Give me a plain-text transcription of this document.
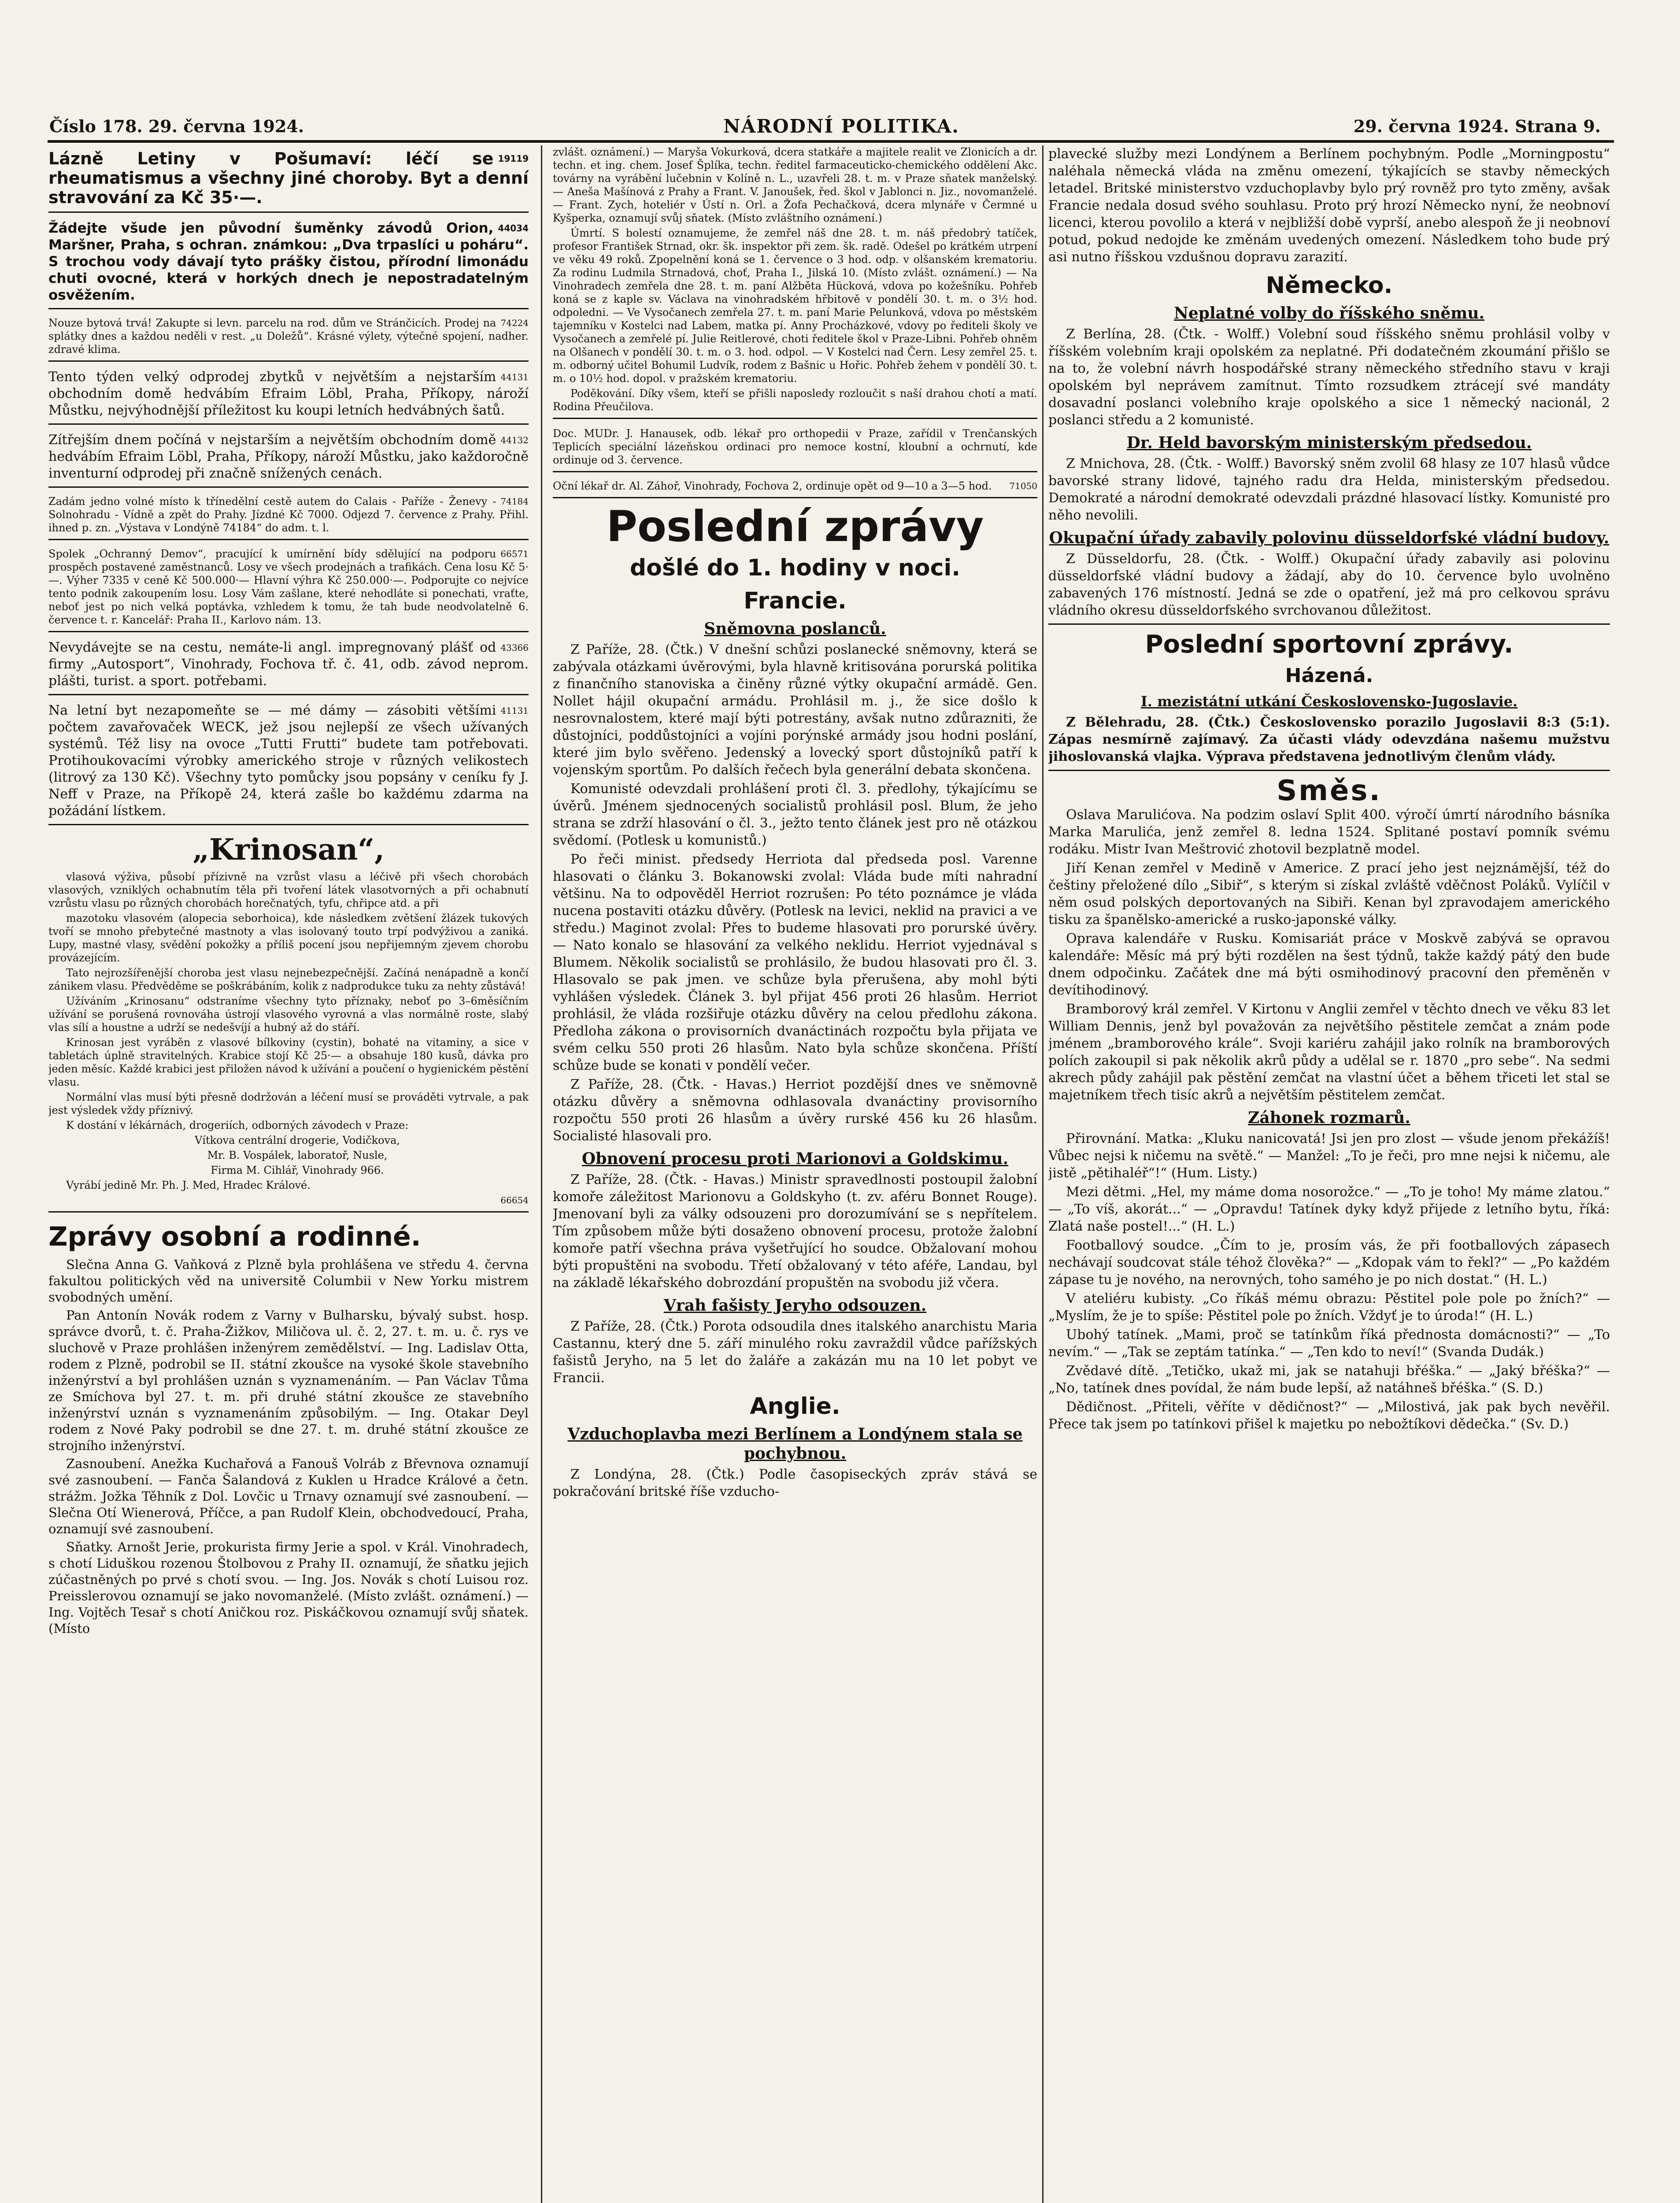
Číslo 178. 29. června 1924.	NÁRODNÍ POLITIKA.	29. června 1924. Strana 9.
19119
Lázně Letiny v Pošumaví: léčí se rheumatismus a všechny jiné choroby. Byt a denní stravování za Kč 35·—.
44034
Žádejte všude jen původní šuměnky závodů Orion, Maršner, Praha, s ochran. známkou: „Dva trpaslíci u poháru“. S trochou vody dávají tyto prášky čistou, přírodní limonádu chuti ovocné, která v horkých dnech je nepostradatelným osvěžením.
74224
Nouze bytová trvá! Zakupte si levn. parcelu na rod. dům ve Stránčicích. Prodej na splátky dnes a každou neděli v rest. „u Doležů“. Krásné výlety, výtečné spojení, nadher. zdravé klima.
44131
Tento týden velký odprodej zbytků v největším a nejstarším obchodním domě hedvábím Efraim Löbl, Praha, Příkopy, nároží Můstku, nejvýhodnější příležitost ku koupi letních hedvábných šatů.
44132
Zítřejším dnem počíná v nejstarším a největším obchodním domě hedvábím Efraim Löbl, Praha, Příkopy, nároží Můstku, jako každoročně inventurní odprodej při značně snížených cenách.
74184
Zadám jedno volné místo k třínedělní cestě autem do Calais - Paříže - Ženevy - Solnohradu - Vídně a zpět do Prahy. Jízdné Kč 7000. Odjezd 7. července z Prahy. Přihl. ihned p. zn. „Výstava v Londýně 74184“ do adm. t. l.
66571
Spolek „Ochranný Demov“, pracující k umírnění bídy sdělující na podporu prospěch postavené zaměstnanců. Losy ve všech prodejnách a trafikách. Cena losu Kč 5·—. Výher 7335 v ceně Kč 500.000·— Hlavní výhra Kč 250.000·—. Podporujte co nejvíce tento podnik zakoupením losu. Losy Vám zašlane, které nehodláte si ponechati, vraťte, neboť jest po nich velká poptávka, vzhledem k tomu, že tah bude neodvolatelně 6. července t. r. Kancelář: Praha II., Karlovo nám. 13.
43366
Nevydávejte se na cestu, nemáte-li angl. impregnovaný plášť od firmy „Autosport“, Vinohrady, Fochova tř. č. 41, odb. závod neprom. plášti, turist. a sport. potřebami.
41131
Na letní byt nezapomeňte se — mé dámy — zásobiti většími počtem zavařovaček WECK, jež jsou nejlepší ze všech užívaných systémů. Též lisy na ovoce „Tutti Frutti“ budete tam potřebovati. Protihoukovacími výrobky amerického stroje v různých velikostech (litrový za 130 Kč). Všechny tyto pomůcky jsou popsány v ceníku fy J. Neff v Praze, na Příkopě 24, která zašle bo každému zdarma na požádání lístkem.
„Krinosan“,

vlasová výživa, působí přízivně na vzrůst vlasu a léčivě při všech chorobách vlasových, vzniklých ochabnutím těla při tvoření látek vlasotvorných a při ochabnutí vzrůstu vlasu po různých chorobách horečnatých, tyfu, chřipce atd. a při

mazotoku vlasovém (alopecia seborhoica), kde následkem zvětšení žlázek tukových tvoří se mnoho přebytečné mastnoty a vlas isolovaný touto trpí podvýživou a zaniká. Lupy, mastné vlasy, svědění pokožky a příliš pocení jsou nepřijemným zjevem chorobu provázejícím.

Tato nejrozšířenější choroba jest vlasu nejnebezpečnější. Začíná nenápadně a končí zánikem vlasu. Předvěděme se poškrábáním, kolik z nadprodukce tuku za nehty zůstává!

Užíváním „Krinosanu“ odstraníme všechny tyto příznaky, neboť po 3–6měsíčním užívání se porušená rovnováha ústrojí vlasového vyrovná a vlas normálně roste, slabý vlas sílí a houstne a udrží se nedešvíjí a hubný až do stáří.

Krinosan jest vyráběn z vlasové bílkoviny (cystin), bohaté na vitaminy, a sice v tabletách úplně stravitelných. Krabice stojí Kč 25·— a obsahuje 180 kusů, dávka pro jeden měsíc. Každé krabici jest přiložen návod k užívání a poučení o hygienickém pěstění vlasu.

Normální vlas musí býti přesně dodržován a léčení musí se prováděti vytrvale, a pak jest výsledek vždy příznivý.

K dostání v lékárnách, drogeriích, odborných závodech v Praze:

Vítkova centrální drogerie, Vodičkova,

Mr. B. Vospálek, laboratoř, Nusle,

Firma M. Cihlář, Vinohrady 966.

Vyrábí jedině Mr. Ph. J. Med, Hradec Králové.

66654
Zprávy osobní a rodinné.

Slečna Anna G. Vaňková z Plzně byla prohlášena ve středu 4. června fakultou politických věd na universitě Columbii v New Yorku mistrem svobodných umění.

Pan Antonín Novák rodem z Varny v Bulharsku, bývalý subst. hosp. správce dvorů, t. č. Praha-Žižkov, Miličova ul. č. 2, 27. t. m. u. č. rys ve sluchově v Praze prohlášen inženýrem zemědělství. — Ing. Ladislav Otta, rodem z Plzně, podrobil se II. státní zkoušce na vysoké škole stavebního inženýrství a byl prohlášen uznán s vyznamenáním. — Pan Václav Tůma ze Smíchova byl 27. t. m. při druhé státní zkoušce ze stavebního inženýrství uznán s vyznamenáním způsobilým. — Ing. Otakar Deyl rodem z Nové Paky podrobil se dne 27. t. m. druhé státní zkoušce ze strojního inženýrství.

Zasnoubení. Anežka Kuchařová a Fanouš Volráb z Břevnova oznamují své zasnoubení. — Fanča Šalandová z Kuklen u Hradce Králové a četn. strážm. Jožka Těhník z Dol. Lovčic u Trnavy oznamují své zasnoubení. — Slečna Otí Wienerová, Příčce, a pan Rudolf Klein, obchodvedoucí, Praha, oznamují své zasnoubení.

Sňatky. Arnošt Jerie, prokurista firmy Jerie a spol. v Král. Vinohradech, s chotí Liduškou rozenou Štolbovou z Prahy II. oznamují, že sňatku jejich zúčastněných po prvé s chotí svou. — Ing. Jos. Novák s chotí Luisou roz. Preisslerovou oznamují se jako novomanželé. (Místo zvlášt. oznámení.) — Ing. Vojtěch Tesař s chotí Aničkou roz. Piskáčkovou oznamují svůj sňatek. (Místo

zvlášt. oznámení.) — Maryša Vokurková, dcera statkáře a majitele realit ve Zlonicích a dr. techn. et ing. chem. Josef Šplíka, techn. ředitel farmaceuticko-chemického oddělení Akc. továrny na vyrábění lučebnin v Kolíně n. L., uzavřeli 28. t. m. v Praze sňatek manželský. — Aneša Mašínová z Prahy a Frant. V. Janoušek, řed. škol v Jablonci n. Jiz., novomanželé. — Frant. Zych, hoteliér v Ústí n. Orl. a Žofa Pechačková, dcera mlynáře v Čermné u Kyšperka, oznamují svůj sňatek. (Místo zvláštního oznámení.)

Úmrtí. S bolestí oznamujeme, že zemřel náš dne 28. t. m. náš předobrý tatíček, profesor František Strnad, okr. šk. inspektor při zem. šk. radě. Odešel po krátkém utrpení ve věku 49 roků. Zpopelnění koná se 1. července o 3 hod. odp. v olšanském krematoriu. Za rodinu Ludmila Strnadová, choť, Praha I., Jilská 10. (Místo zvlášt. oznámení.) — Na Vinohradech zemřela dne 28. t. m. paní Alžběta Hücková, vdova po kožešníku. Pohřeb koná se z kaple sv. Václava na vinohradském hřbitově v pondělí 30. t. m. o 3½ hod. odpoledni. — Ve Vysočanech zemřela 27. t. m. paní Marie Pelunková, vdova po městském tajemníku v Kostelci nad Labem, matka pí. Anny Procházkové, vdovy po řediteli školy ve Vysočanech a zemřelé pí. Julie Reitlerové, choti ředitele škol v Praze-Libni. Pohřeb ohněm na Olšanech v pondělí 30. t. m. o 3. hod. odpol. — V Kostelci nad Čern. Lesy zemřel 25. t. m. odborný učitel Bohumil Ludvík, rodem z Bašnic u Hořic. Pohřeb žehem v pondělí 30. t. m. o 10½ hod. dopol. v pražském krematoriu.

Poděkování. Díky všem, kteří se přišli naposledy rozloučit s naší drahou chotí a matí. Rodina Přeučilova.

Doc. MUDr. J. Hanausek, odb. lékař pro orthopedii v Praze, zařídil v Trenčanských Teplicích speciální lázeňskou ordinaci pro nemoce kostní, kloubní a ochrnutí, kde ordinuje od 3. července.
71050
Oční lékař dr. Al. Záhoř, Vinohrady, Fochova 2, ordinuje opět od 9—10 a 3—5 hod.
Poslední zprávy
došlé do 1. hodiny v noci.
Francie.
Sněmovna poslanců.

Z Paříže, 28. (Čtk.) V dnešní schůzi poslanecké sněmovny, která se zabývala otázkami úvěrovými, byla hlavně kritisována porurská politika z finančního stanoviska a činěny různé výtky okupační armádě. Gen. Nollet hájil okupační armádu. Prohlásil m. j., že sice došlo k nesrovnalostem, které mají býti potrestány, avšak nutno zdůrazniti, že důstojníci, poddůstojníci a vojíni porýnské armády jsou hodni poslání, které jim bylo svěřeno. Jedenský a lovecký sport důstojníků patří k vojenským sportům. Po dalších řečech byla generální debata skončena.

Komunisté odevzdali prohlášení proti čl. 3. předlohy, týkajícímu se úvěrů. Jménem sjednocených socialistů prohlásil posl. Blum, že jeho strana se zdrží hlasování o čl. 3., ježto tento článek jest pro ně otázkou svědomí. (Potlesk u komunistů.)

Po řeči minist. předsedy Herriota dal předseda posl. Varenne hlasovati o článku 3. Bokanowski zvolal: Vláda bude míti nahradní většinu. Na to odpověděl Herriot rozrušen: Po této poznámce je vláda nucena postaviti otázku důvěry. (Potlesk na levici, neklid na pravici a ve středu.) Maginot zvolal: Přes to budeme hlasovati pro porurské úvěry. — Nato konalo se hlasování za velkého neklidu. Herriot vyjednával s Blumem. Několik socialistů se prohlásilo, že budou hlasovati pro čl. 3. Hlasovalo se pak jmen. ve schůze byla přerušena, aby mohl býti vyhlášen výsledek. Článek 3. byl přijat 456 proti 26 hlasům. Herriot prohlásil, že vláda rozšiřuje otázku důvěry na celou předlohu zákona. Předloha zákona o provisorních dvanáctinách rozpočtu byla přijata ve svém celku 550 proti 26 hlasům. Nato byla schůze skončena. Příští schůze bude se konati v pondělí večer.

Z Paříže, 28. (Čtk. - Havas.) Herriot pozdější dnes ve sněmovně otázku důvěry a sněmovna odhlasovala dvanáctiny provisorního rozpočtu 550 proti 26 hlasům a úvěry rurské 456 ku 26 hlasům. Socialisté hlasovali pro.

Obnovení procesu proti Marionovi a Goldskimu.

Z Paříže, 28. (Čtk. - Havas.) Ministr spravedlnosti postoupil žalobní komoře záležitost Marionovu a Goldskyho (t. zv. aféru Bonnet Rouge). Jmenovaní byli za války odsouzeni pro dorozumívání se s nepřítelem. Tím způsobem může býti dosaženo obnovení procesu, protože žalobní komoře patří všechna práva vyšetřující ho soudce. Obžalovaní mohou býti propuštěni na svobodu. Třetí obžalovaný v této aféře, Landau, byl na základě lékařského dobrozdání propuštěn na svobodu již včera.

Vrah fašisty Jeryho odsouzen.

Z Paříže, 28. (Čtk.) Porota odsoudila dnes italského anarchistu Maria Castannu, který dne 5. září minulého roku zavraždil vůdce pařížských fašistů Jeryho, na 5 let do žaláře a zakázán mu na 10 let pobyt ve Francii.

Anglie.
Vzduchoplavba mezi Berlínem a Londýnem stala se pochybnou.

Z Londýna, 28. (Čtk.) Podle časopiseckých zpráv stává se pokračování britské říše vzducho-

plavecké služby mezi Londýnem a Berlínem pochybným. Podle „Morningpostu“ naléhala německá vláda na změnu omezení, týkajících se stavby německých letadel. Britské ministerstvo vzduchoplavby bylo prý rovněž pro tyto změny, avšak Francie nedala dosud svého souhlasu. Proto prý hrozí Německo nyní, že neobnoví licenci, kterou povolilo a která v nejbližší době vyprší, anebo alespoň že ji neobnoví potud, pokud nedojde ke změnám uvedených omezení. Následkem toho bude prý asi nutno říšskou vzdušnou dopravu zarazití.

Německo.
Neplatné volby do říšského sněmu.

Z Berlína, 28. (Čtk. - Wolff.) Volební soud říšského sněmu prohlásil volby v říšském volebním kraji opolském za neplatné. Při dodatečném zkoumání přišlo se na to, že volební návrh hospodářské strany německého středního stavu v kraji opolském byl neprávem zamítnut. Tímto rozsudkem ztrácejí své mandáty dosavadní poslanci volebního kraje opolského a sice 1 německý nacionál, 2 poslanci středu a 2 komunisté.

Dr. Held bavorským ministerským předsedou.

Z Mnichova, 28. (Čtk. - Wolff.) Bavorský sněm zvolil 68 hlasy ze 107 hlasů vůdce bavorské strany lidové, tajného radu dra Helda, ministerským předsedou. Demokraté a národní demokraté odevzdali prázdné hlasovací lístky. Komunisté pro něho nevolili.

Okupační úřady zabavily polovinu düsseldorfské vládní budovy.

Z Düsseldorfu, 28. (Čtk. - Wolff.) Okupační úřady zabavily asi polovinu düsseldorfské vládní budovy a žádají, aby do 10. července bylo uvolněno zabavených 176 místností. Jedná se zde o opatření, jež má pro celkovou správu vládního okresu düsseldorfského svrchovanou důležitost.

Poslední sportovní zprávy.
Házená.
I. mezistátní utkání Československo-Jugoslavie.

Z Bělehradu, 28. (Čtk.) Československo porazilo Jugoslavii 8:3 (5:1). Zápas nesmírně zajímavý. Za účasti vlády odevzdána našemu mužstvu jihoslovanská vlajka. Výprava představena jednotlivým členům vlády.

Směs.

Oslava Marulićova. Na podzim oslaví Split 400. výročí úmrtí národního básníka Marka Marulića, jenž zemřel 8. ledna 1524. Splitané postaví pomník svému rodáku. Mistr Ivan Meštrović zhotovil bezplatně model.

Jiří Kenan zemřel v Medině v Americe. Z prací jeho jest nejznámější, též do češtiny přeložené dílo „Sibiř“, s kterým si získal zvláště vděčnost Poláků. Vylíčil v něm osud polských deportovaných na Sibiři. Kenan byl zpravodajem amerického tisku za španělsko-americké a rusko-japonské války.

Oprava kalendáře v Rusku. Komisariát práce v Moskvě zabývá se opravou kalendáře: Měsíc má prý býti rozdělen na šest týdnů, takže každý pátý den bude dnem odpočinku. Začátek dne má býti osmihodinový pracovní den přeměněn v devítihodinový.

Bramborový král zemřel. V Kirtonu v Anglii zemřel v těchto dnech ve věku 83 let William Dennis, jenž byl považován za největšího pěstitele zemčat a znám pode jménem „bramborového krále“. Svoji kariéru zahájil jako rolník na bramborových polích zakoupil si pak několik akrů půdy a udělal se r. 1870 „pro sebe“. Na sedmi akrech půdy zahájil pak pěstění zemčat na vlastní účet a během třiceti let stal se majetníkem třech tisíc akrů a největším pěstitelem zemčat.

Záhonek rozmarů.

Přirovnání. Matka: „Kluku nanicovatá! Jsi jen pro zlost — všude jenom překážíš! Vůbec nejsi k ničemu na světě.“ — Manžel: „To je řeči, pro mne nejsi k ničemu, ale jistě „pětihaléř“!“ (Hum. Listy.)

Mezi dětmi. „Hel, my máme doma nosorožce.“ — „To je toho! My máme zlatou.“ — „To víš, akorát...“ — „Opravdu! Tatínek dyky když přijede z letního bytu, říká: Zlatá naše postel!...“ (H. L.)

Footballový soudce. „Čím to je, prosím vás, že při footballových zápasech nechávají soudcovat stále téhož člověka?“ — „Kdopak vám to řekl?“ — „Po každém zápase tu je nového, na nerovných, toho samého je po nich dostat.“ (H. L.)

V ateliéru kubisty. „Co říkáš mému obrazu: Pěstitel pole pole po žních?“ — „Myslím, že je to spíše: Pěstitel pole po žních. Vždyť je to úroda!“ (H. L.)

Ubohý tatínek. „Mami, proč se tatínkům říká přednosta domácnosti?“ — „To nevím.“ — „Tak se zeptám tatínka.“ — „Ten kdo to neví!“ (Svanda Dudák.)

Zvědavé dítě. „Tetičko, ukaž mi, jak se natahuji břéška.“ — „Jaký břéška?“ — „No, tatínek dnes povídal, že nám bude lepší, až natáhneš břéška.“ (S. D.)

Dědičnost. „Přiteli, věříte v dědičnost?“ — „Milostivá, jak pak bych nevěřil. Přece tak jsem po tatínkovi přišel k majetku po nebožtíkovi dědečka.“ (Sv. D.)
